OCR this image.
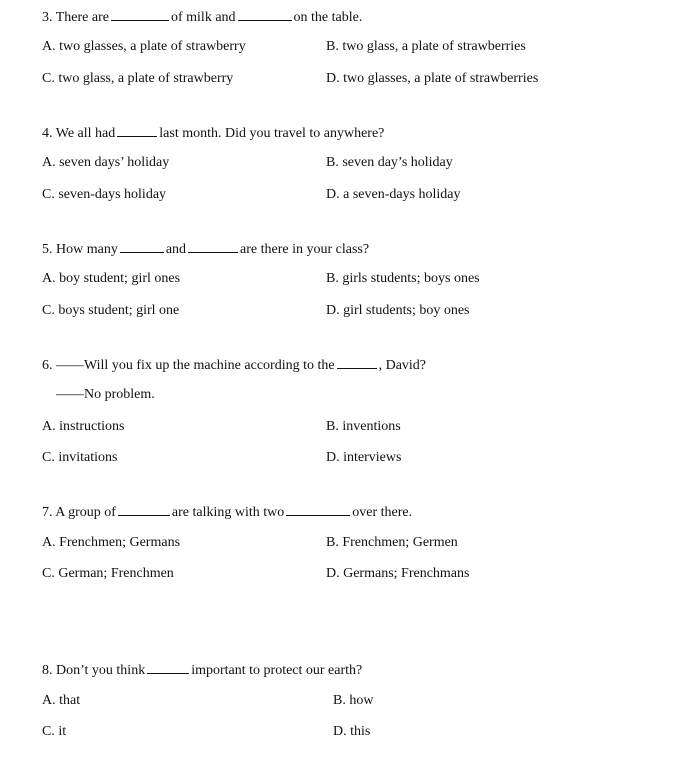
3. There are	of milk and	on the table.
A. two glasses, a plate of strawberry	B. two glass, a plate of strawberries
C. two glass, a plate of strawberry	D. two glasses, a plate of strawberries
4. We all had	last month. Did you travel to anywhere?
A. seven days’ holiday	B. seven day’s holiday
C. seven-days holiday	D. a seven-days holiday
5. How many	and	are there in your class?
A. boy student; girl ones	B. girls students; boys ones
C. boys student; girl one	D. girl students; boy ones
6. ——Will you fix up the machine according to the	, David?
——No problem.
A. instructions	B. inventions
C. invitations	D. interviews
7. A group of	are talking with two	over there.
A. Frenchmen; Germans	B. Frenchmen; Germen
C. German; Frenchmen	D. Germans; Frenchmans
8. Don’t you think	important to protect our earth?
A. that	B. how
C. it	D. this
